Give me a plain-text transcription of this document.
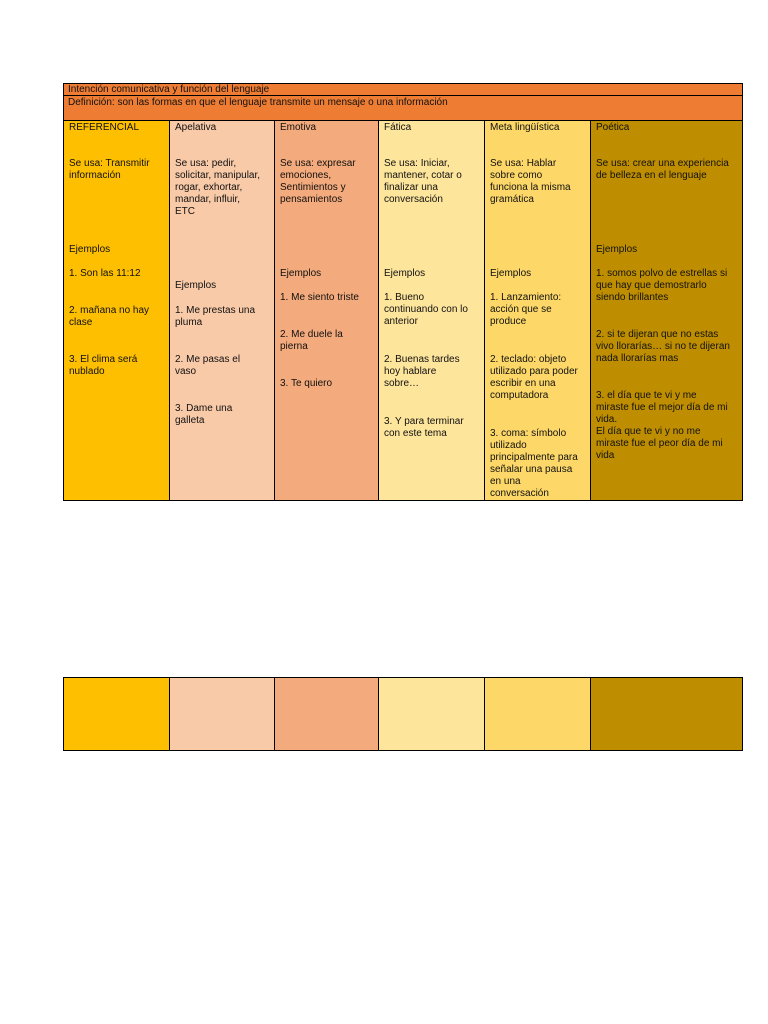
Intención comunicativa y función del lenguaje
Definición: son las formas en que el lenguaje transmite un mensaje o una información
REFERENCIAL
Se usa: Transmitir
información
Ejemplos
1. Son las 11:12
2. mañana no hay
clase
3. El clima será
nublado
Apelativa
Se usa: pedir,
solicitar, manipular,
rogar, exhortar,
mandar, influir,
ETC
Ejemplos
1. Me prestas una
pluma
2. Me pasas el
vaso
3. Dame una
galleta
Emotiva
Se usa: expresar
emociones,
Sentimientos y
pensamientos
Ejemplos
1. Me siento triste
2. Me duele la
pierna
3. Te quiero
Fática
Se usa: Iniciar,
mantener, cotar o
finalizar una
conversación
Ejemplos
1. Bueno
continuando con lo
anterior
2. Buenas tardes
hoy hablare
sobre…
3. Y para terminar
con este tema
Meta lingüística
Se usa: Hablar
sobre como
funciona la misma
gramática
Ejemplos
1. Lanzamiento:
acción que se
produce
2. teclado: objeto
utilizado para poder
escribir en una
computadora
3. coma: símbolo
utilizado
principalmente para
señalar una pausa
en una
conversación
Poética
Se usa: crear una experiencia
de belleza en el lenguaje
Ejemplos
1. somos polvo de estrellas si
que hay que demostrarlo
siendo brillantes
2. si te dijeran que no estas
vivo llorarías… si no te dijeran
nada llorarías mas
3. el día que te vi y me
miraste fue el mejor día de mi
vida.
El día que te vi y no me
miraste fue el peor día de mi
vida
